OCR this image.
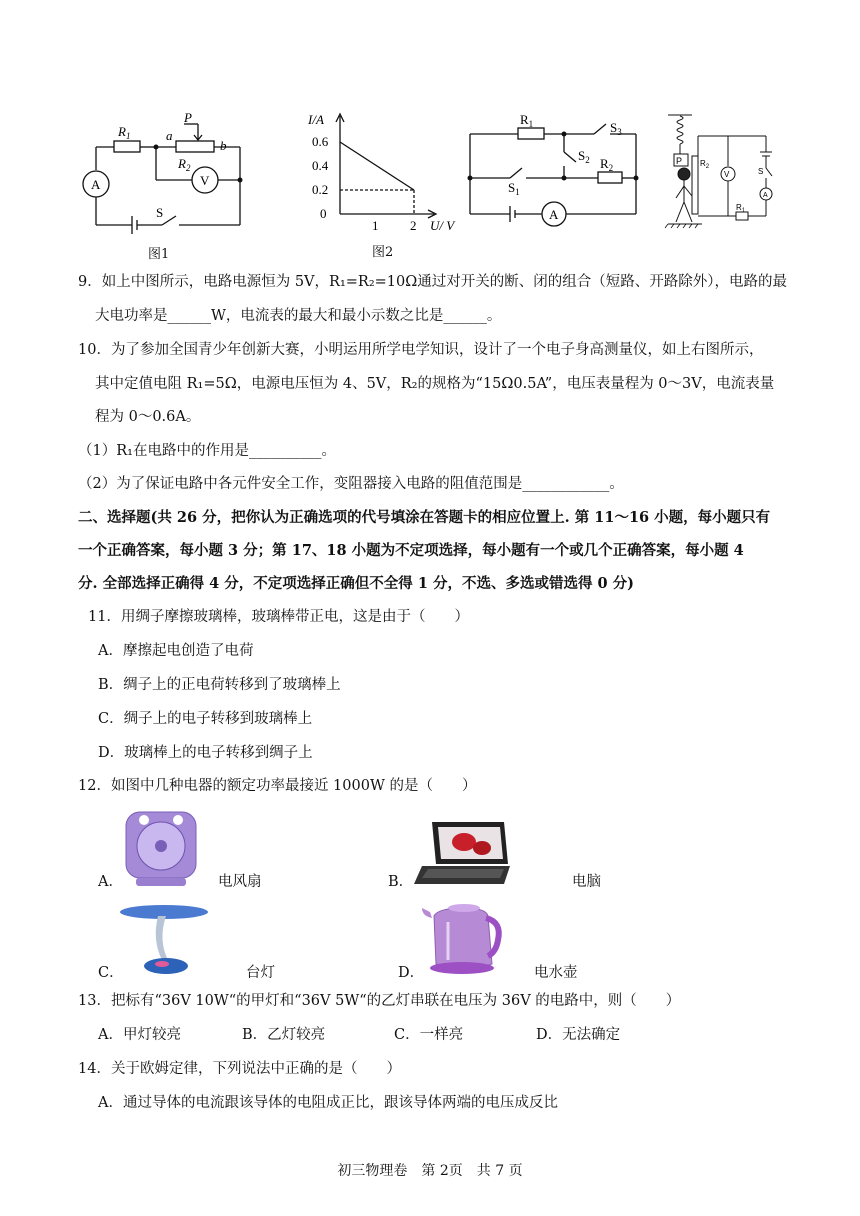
$R_1$
P
a
b
$R_2$
A	V
S
图1
I/A
0.6
0.4
0.2
0
1 2 U/ V
图2
$R_1$	$S_3$
$S_2$ $R_2$
$S_1$
A
P $R_2$
V	S
A
$R_1$
9．如上中图所示，电路电源恒为 5V，R₁=R₂=10Ω通过对开关的断、闭的组合（短路、开路除外），电路的最
大电功率是______W，电流表的最大和最小示数之比是______。
10．为了参加全国青少年创新大赛，小明运用所学电学知识，设计了一个电子身高测量仪，如上右图所示，
其中定值电阻 R₁=5Ω，电源电压恒为 4、5V，R₂的规格为“15Ω0.5A”，电压表量程为 0～3V，电流表量
程为 0～0.6A。
（1）R₁在电路中的作用是__________。
（2）为了保证电路中各元件安全工作，变阻器接入电路的阻值范围是____________。
二、选择题(共 26 分，把你认为正确选项的代号填涂在答题卡的相应位置上. 第 11～16 小题，每小题只有
一个正确答案，每小题 3 分；第 17、18 小题为不定项选择，每小题有一个或几个正确答案，每小题 4
分. 全部选择正确得 4 分，不定项选择正确但不全得 1 分，不选、多选或错选得 0 分)
11．用绸子摩擦玻璃棒，玻璃棒带正电，这是由于（　　）
A．摩擦起电创造了电荷
B．绸子上的正电荷转移到了玻璃棒上
C．绸子上的电子转移到玻璃棒上
D．玻璃棒上的电子转移到绸子上
12．如图中几种电器的额定功率最接近 1000W 的是（　　）
A．	电风扇	B．	电脑
C．	台灯	D．	电水壶
13．把标有“36V 10W“的甲灯和“36V 5W“的乙灯串联在电压为 36V 的电路中，则（　　）
A．甲灯较亮	B．乙灯较亮	C．一样亮	D．无法确定
14．关于欧姆定律，下列说法中正确的是（　　）
A．通过导体的电流跟该导体的电阻成正比，跟该导体两端的电压成反比
初三物理卷　第 2页　共 7 页
